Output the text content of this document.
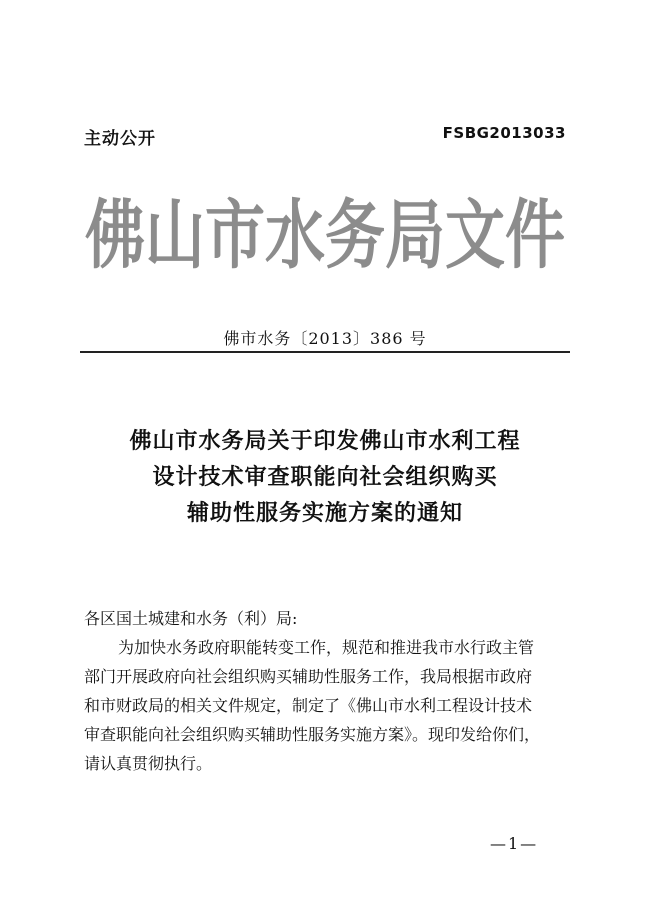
主动公开	FSBG2013033
佛山市水务局文件
佛市水务〔2013〕386 号
佛山市水务局关于印发佛山市水利工程
设计技术审查职能向社会组织购买
辅助性服务实施方案的通知
各区国土城建和水务（利）局:
为加快水务政府职能转变工作，规范和推进我市水行政主管
部门开展政府向社会组织购买辅助性服务工作，我局根据市政府
和市财政局的相关文件规定，制定了《佛山市水利工程设计技术
审查职能向社会组织购买辅助性服务实施方案》。现印发给你们，
请认真贯彻执行。
—1—
